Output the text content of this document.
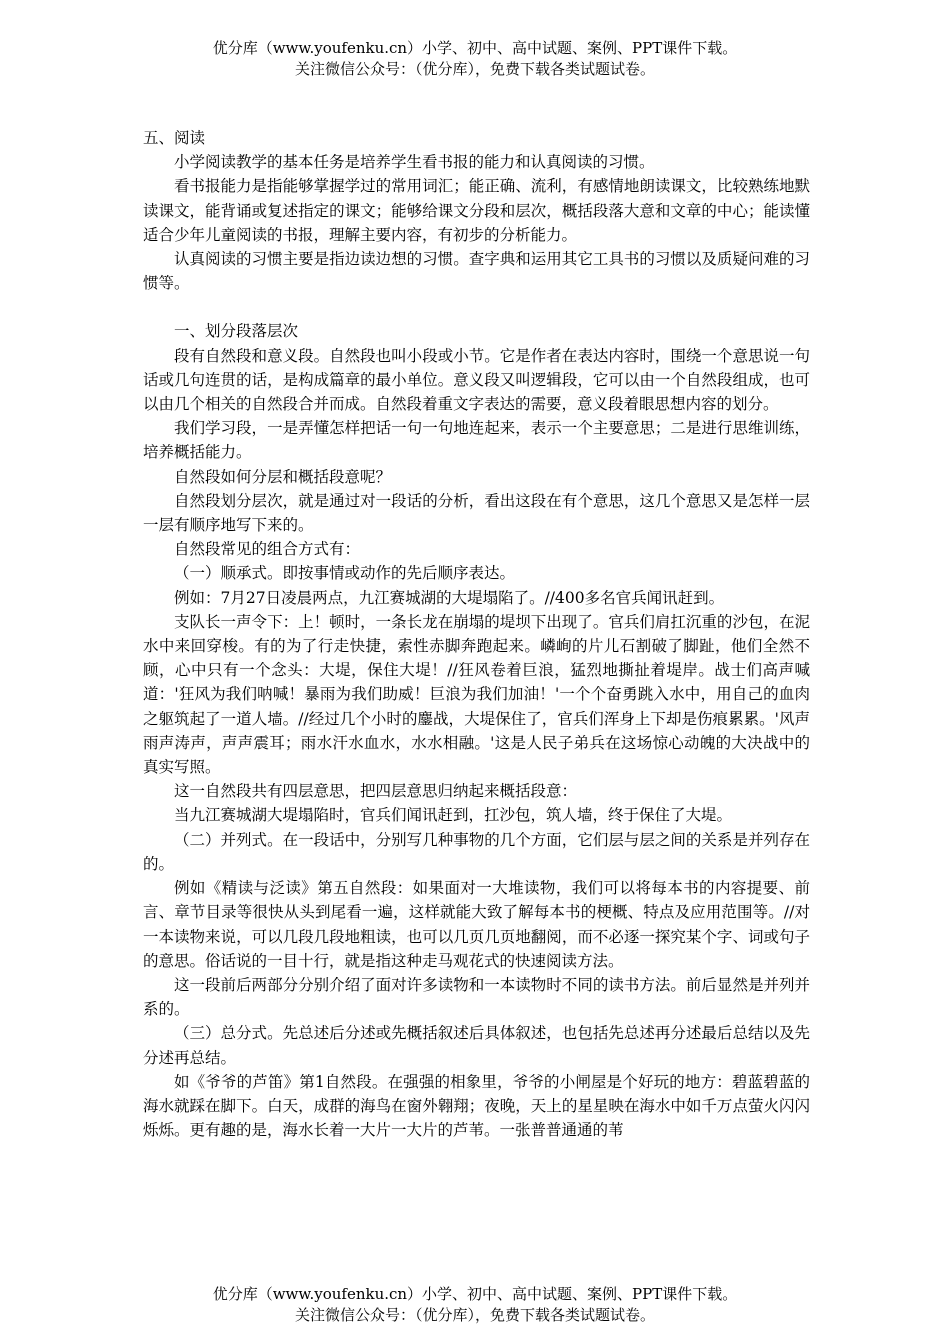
优分库（www.youfenku.cn）小学、初中、高中试题、案例、PPT课件下载。
关注微信公众号：（优分库），免费下载各类试题试卷。

五、阅读

小学阅读教学的基本任务是培养学生看书报的能力和认真阅读的习惯。

看书报能力是指能够掌握学过的常用词汇；能正确、流利，有感情地朗读课文，比较熟练地默读课文，能背诵或复述指定的课文；能够给课文分段和层次，概括段落大意和文章的中心；能读懂适合少年儿童阅读的书报，理解主要内容，有初步的分析能力。

认真阅读的习惯主要是指边读边想的习惯。查字典和运用其它工具书的习惯以及质疑问难的习惯等。

一、划分段落层次

段有自然段和意义段。自然段也叫小段或小节。它是作者在表达内容时，围绕一个意思说一句话或几句连贯的话，是构成篇章的最小单位。意义段又叫逻辑段，它可以由一个自然段组成，也可以由几个相关的自然段合并而成。自然段着重文字表达的需要，意义段着眼思想内容的划分。

我们学习段，一是弄懂怎样把话一句一句地连起来，表示一个主要意思；二是进行思维训练，培养概括能力。

自然段如何分层和概括段意呢？

自然段划分层次，就是通过对一段话的分析，看出这段在有个意思，这几个意思又是怎样一层一层有顺序地写下来的。

自然段常见的组合方式有：

（一）顺承式。即按事情或动作的先后顺序表达。

例如：7月27日凌晨两点，九江赛城湖的大堤塌陷了。//400多名官兵闻讯赶到。

支队长一声令下：上！顿时，一条长龙在崩塌的堤坝下出现了。官兵们肩扛沉重的沙包，在泥水中来回穿梭。有的为了行走快捷，索性赤脚奔跑起来。嶙峋的片儿石割破了脚趾，他们全然不顾，心中只有一个念头：大堤，保住大堤！//狂风卷着巨浪，猛烈地撕扯着堤岸。战士们高声喊道：'狂风为我们呐喊！暴雨为我们助威！巨浪为我们加油！'一个个奋勇跳入水中，用自己的血肉之躯筑起了一道人墙。//经过几个小时的鏖战，大堤保住了，官兵们浑身上下却是伤痕累累。'风声雨声涛声，声声震耳；雨水汗水血水，水水相融。'这是人民子弟兵在这场惊心动魄的大决战中的真实写照。

这一自然段共有四层意思，把四层意思归纳起来概括段意：

当九江赛城湖大堤塌陷时，官兵们闻讯赶到，扛沙包，筑人墙，终于保住了大堤。

（二）并列式。在一段话中，分别写几种事物的几个方面，它们层与层之间的关系是并列存在的。

例如《精读与泛读》第五自然段：如果面对一大堆读物，我们可以将每本书的内容提要、前言、章节目录等很快从头到尾看一遍，这样就能大致了解每本书的梗概、特点及应用范围等。//对一本读物来说，可以几段几段地粗读，也可以几页几页地翻阅，而不必逐一探究某个字、词或句子的意思。俗话说的一目十行，就是指这种走马观花式的快速阅读方法。

这一段前后两部分分别介绍了面对许多读物和一本读物时不同的读书方法。前后显然是并列并系的。

（三）总分式。先总述后分述或先概括叙述后具体叙述，也包括先总述再分述最后总结以及先分述再总结。

如《爷爷的芦笛》第1自然段。在强强的相象里，爷爷的小闸屋是个好玩的地方：碧蓝碧蓝的海水就踩在脚下。白天，成群的海鸟在窗外翱翔；夜晚，天上的星星映在海水中如千万点萤火闪闪烁烁。更有趣的是，海水长着一大片一大片的芦苇。一张普普通通的苇

优分库（www.youfenku.cn）小学、初中、高中试题、案例、PPT课件下载。
关注微信公众号：（优分库），免费下载各类试题试卷。
